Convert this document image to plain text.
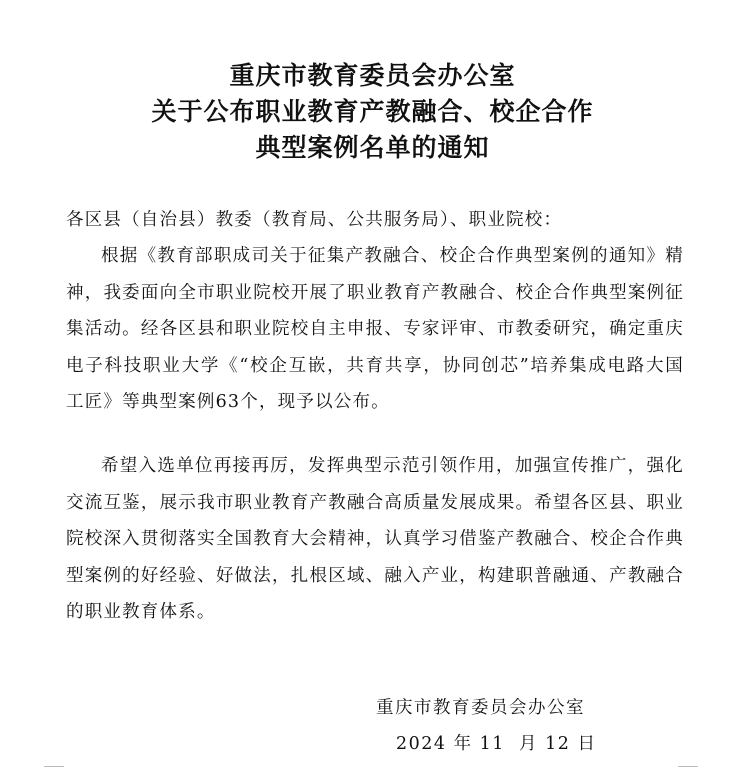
重庆市教育委员会办公室
关于公布职业教育产教融合、校企合作
典型案例名单的通知

各区县（自治县）教委（教育局、公共服务局）、职业院校：

根据《教育部职成司关于征集产教融合、校企合作典型案例的通知》精神，我委面向全市职业院校开展了职业教育产教融合、校企合作典型案例征集活动。经各区县和职业院校自主申报、专家评审、市教委研究，确定重庆电子科技职业大学《“校企互嵌，共育共享，协同创芯”培养集成电路大国工匠》等典型案例63个，现予以公布。

希望入选单位再接再厉，发挥典型示范引领作用，加强宣传推广，强化交流互鉴，展示我市职业教育产教融合高质量发展成果。希望各区县、职业院校深入贯彻落实全国教育大会精神，认真学习借鉴产教融合、校企合作典型案例的好经验、好做法，扎根区域、融入产业，构建职普融通、产教融合的职业教育体系。

重庆市教育委员会办公室

2024 年 11  月 12 日
